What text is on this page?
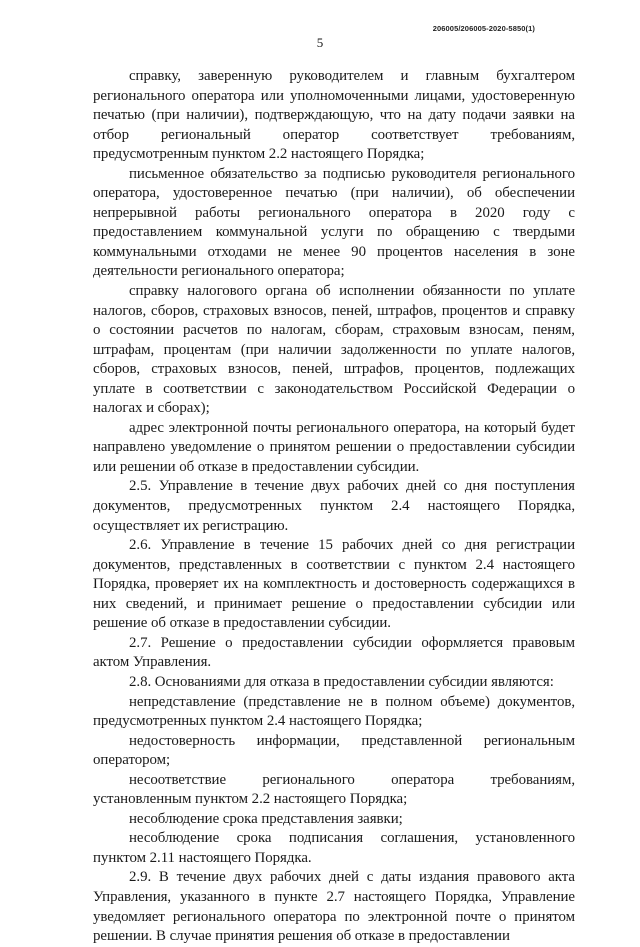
206005/206005-2020-5850(1)
5

справку, заверенную руководителем и главным бухгалтером регионального оператора или уполномоченными лицами, удостоверенную печатью (при наличии), подтверждающую, что на дату подачи заявки на отбор региональный оператор соответствует требованиям, предусмотренным пунктом 2.2 настоящего Порядка;

письменное обязательство за подписью руководителя регионального оператора, удостоверенное печатью (при наличии), об обеспечении непрерывной работы регионального оператора в 2020 году с предоставлением коммунальной услуги по обращению с твердыми коммунальными отходами не менее 90 процентов населения в зоне деятельности регионального оператора;

справку налогового органа об исполнении обязанности по уплате налогов, сборов, страховых взносов, пеней, штрафов, процентов и справку о состоянии расчетов по налогам, сборам, страховым взносам, пеням, штрафам, процентам (при наличии задолженности по уплате налогов, сборов, страховых взносов, пеней, штрафов, процентов, подлежащих уплате в соответствии с законодательством Российской Федерации о налогах и сборах);

адрес электронной почты регионального оператора, на который будет направлено уведомление о принятом решении о предоставлении субсидии или решении об отказе в предоставлении субсидии.

2.5. Управление в течение двух рабочих дней со дня поступления документов, предусмотренных пунктом 2.4 настоящего Порядка, осуществляет их регистрацию.

2.6. Управление в течение 15 рабочих дней со дня регистрации документов, представленных в соответствии с пунктом 2.4 настоящего Порядка, проверяет их на комплектность и достоверность содержащихся в них сведений, и принимает решение о предоставлении субсидии или решение об отказе в предоставлении субсидии.

2.7. Решение о предоставлении субсидии оформляется правовым актом Управления.

2.8. Основаниями для отказа в предоставлении субсидии являются:

непредставление (представление не в полном объеме) документов, предусмотренных пунктом 2.4 настоящего Порядка;

недостоверность информации, представленной региональным оператором;

несоответствие регионального оператора требованиям, установленным пунктом 2.2 настоящего Порядка;

несоблюдение срока представления заявки;

несоблюдение срока подписания соглашения, установленного пунктом 2.11 настоящего Порядка.

2.9. В течение двух рабочих дней с даты издания правового акта Управления, указанного в пункте 2.7 настоящего Порядка, Управление уведомляет регионального оператора по электронной почте о принятом решении. В случае принятия решения об отказе в предоставлении
